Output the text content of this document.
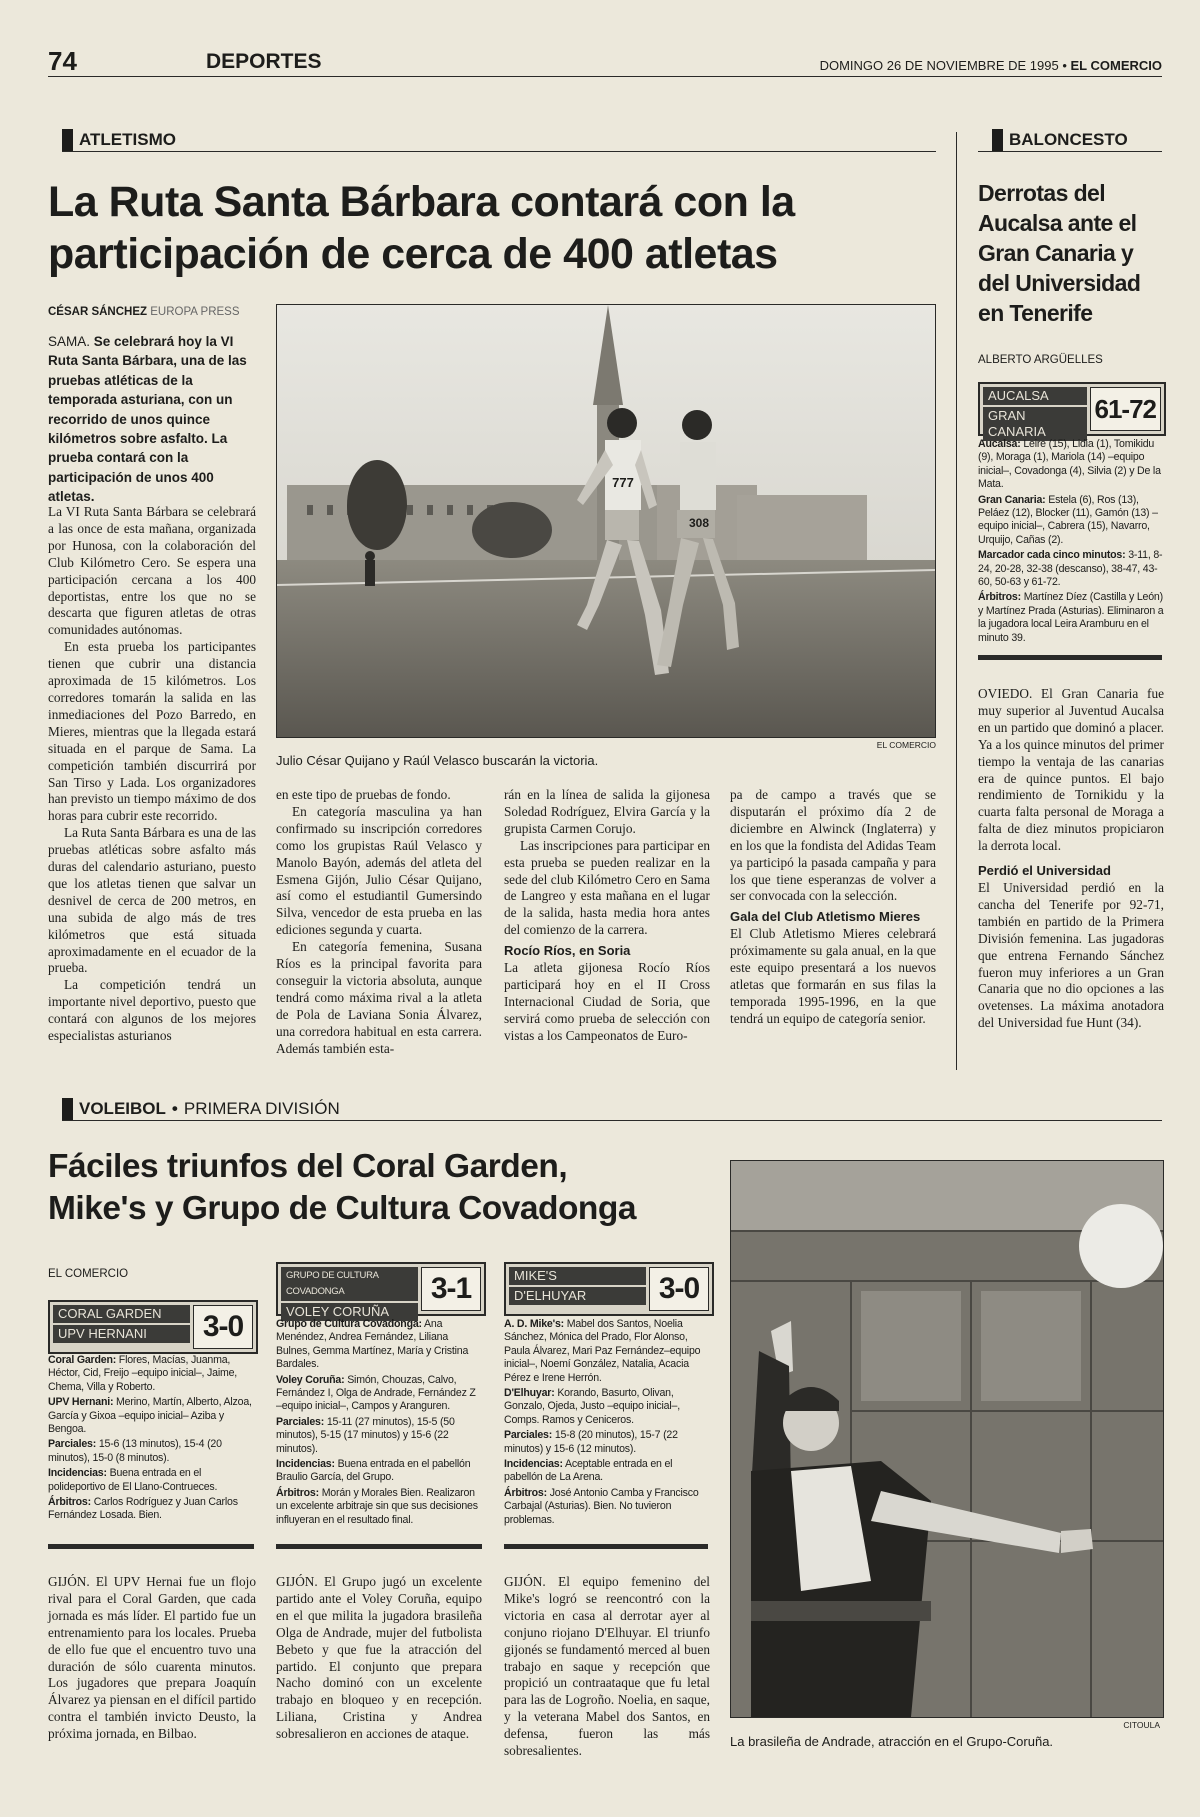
74	DEPORTES	DOMINGO 26 DE NOVIEMBRE DE 1995 • EL COMERCIO
ATLETISMO
La Ruta Santa Bárbara contará con la
participación de cerca de 400 atletas
CÉSAR SÁNCHEZ EUROPA PRESS
SAMA. Se celebrará hoy la VI Ruta Santa Bárbara, una de las pruebas atléticas de la temporada asturiana, con un recorrido de unos quince kilómetros sobre asfalto. La prueba contará con la participación de unos 400 atletas.

La VI Ruta Santa Bárbara se celebrará a las once de esta mañana, organizada por Hunosa, con la colaboración del Club Kilómetro Cero. Se espera una participación cercana a los 400 deportistas, entre los que no se descarta que figuren atletas de otras comunidades autónomas.

En esta prueba los participantes tienen que cubrir una distancia aproximada de 15 kilómetros. Los corredores tomarán la salida en las inmediaciones del Pozo Barredo, en Mieres, mientras que la llegada estará situada en el parque de Sama. La competición también discurrirá por San Tirso y Lada. Los organizadores han previsto un tiempo máximo de dos horas para cubrir este recorrido.

La Ruta Santa Bárbara es una de las pruebas atléticas sobre asfalto más duras del calendario asturiano, puesto que los atletas tienen que salvar un desnivel de cerca de 200 metros, en una subida de algo más de tres kilómetros que está situada aproximadamente en el ecuador de la prueba.

La competición tendrá un importante nivel deportivo, puesto que contará con algunos de los mejores especialistas asturianos

777
308
EL COMERCIO
Julio César Quijano y Raúl Velasco buscarán la victoria.

en este tipo de pruebas de fondo.

En categoría masculina ya han confirmado su inscripción corredores como los grupistas Raúl Velasco y Manolo Bayón, además del atleta del Esmena Gijón, Julio César Quijano, así como el estudiantil Gumersindo Silva, vencedor de esta prueba en las ediciones segunda y cuarta.

En categoría femenina, Susana Ríos es la principal favorita para conseguir la victoria absoluta, aunque tendrá como máxima rival a la atleta de Pola de Laviana Sonia Álvarez, una corredora habitual en esta carrera. Además también esta-

rán en la línea de salida la gijonesa Soledad Rodríguez, Elvira García y la grupista Carmen Corujo.

Las inscripciones para participar en esta prueba se pueden realizar en la sede del club Kilómetro Cero en Sama de Langreo y esta mañana en el lugar de la salida, hasta media hora antes del comienzo de la carrera.

Rocío Ríos, en Soria

La atleta gijonesa Rocío Ríos participará hoy en el II Cross Internacional Ciudad de Soria, que servirá como prueba de selección con vistas a los Campeonatos de Euro-

pa de campo a través que se disputarán el próximo día 2 de diciembre en Alwinck (Inglaterra) y en los que la fondista del Adidas Team ya participó la pasada campaña y para los que tiene esperanzas de volver a ser convocada con la selección.

Gala del Club Atletismo Mieres

El Club Atletismo Mieres celebrará próximamente su gala anual, en la que este equipo presentará a los nuevos atletas que formarán en sus filas la temporada 1995-1996, en la que tendrá un equipo de categoría senior.

BALONCESTO
Derrotas del Aucalsa ante el Gran Canaria y del Universidad en Tenerife
ALBERTO ARGÜELLES
AUCALSA
GRAN CANARIA
61-72

Aucalsa: Leire (15), Lidia (1), Tomikidu (9), Moraga (1), Mariola (14) –equipo inicial–, Covadonga (4), Silvia (2) y De la Mata.

Gran Canaria: Estela (6), Ros (13), Peláez (12), Blocker (11), Gamón (13) –equipo inicial–, Cabrera (15), Navarro, Urquijo, Cañas (2).

Marcador cada cinco minutos: 3-11, 8-24, 20-28, 32-38 (descanso), 38-47, 43-60, 50-63 y 61-72.

Árbitros: Martínez Díez (Castilla y León) y Martínez Prada (Asturias). Eliminaron a la jugadora local Leira Aramburu en el minuto 39.

OVIEDO. El Gran Canaria fue muy superior al Juventud Aucalsa en un partido que dominó a placer. Ya a los quince minutos del primer tiempo la ventaja de las canarias era de quince puntos. El bajo rendimiento de Tornikidu y la cuarta falta personal de Moraga a falta de diez minutos propiciaron la derrota local.

Perdió el Universidad

El Universidad perdió en la cancha del Tenerife por 92-71, también en partido de la Primera División femenina. Las jugadoras que entrena Fernando Sánchez fueron muy inferiores a un Gran Canaria que no dio opciones a las ovetenses. La máxima anotadora del Universidad fue Hunt (34).

VOLEIBOL • PRIMERA DIVISIÓN
Fáciles triunfos del Coral Garden,
Mike's y Grupo de Cultura Covadonga
EL COMERCIO
CORAL GARDEN
UPV HERNANI	3-0

Coral Garden: Flores, Macías, Juanma, Héctor, Cid, Freijo –equipo inicial–, Jaime, Chema, Villa y Roberto.

UPV Hernani: Merino, Martín, Alberto, Alzoa, García y Gixoa –equipo inicial– Aziba y Bengoa.

Parciales: 15-6 (13 minutos), 15-4 (20 minutos), 15-0 (8 minutos).

Incidencias: Buena entrada en el polideportivo de El Llano-Contrueces.

Árbitros: Carlos Rodríguez y Juan Carlos Fernández Losada. Bien.

GIJÓN. El UPV Hernai fue un flojo rival para el Coral Garden, que cada jornada es más líder. El partido fue un entrenamiento para los locales. Prueba de ello fue que el encuentro tuvo una duración de sólo cuarenta minutos. Los jugadores que prepara Joaquín Álvarez ya piensan en el difícil partido contra el también invicto Deusto, la próxima jornada, en Bilbao.

GRUPO DE CULTURA COVADONGA
VOLEY CORUÑA
3-1

Grupo de Cultura Covadonga: Ana Menéndez, Andrea Fernández, Liliana Bulnes, Gemma Martínez, María y Cristina Bardales.

Voley Coruña: Simón, Chouzas, Calvo, Fernández I, Olga de Andrade, Fernández Z –equipo inicial–, Campos y Aranguren.

Parciales: 15-11 (27 minutos), 15-5 (50 minutos), 5-15 (17 minutos) y 15-6 (22 minutos).

Incidencias: Buena entrada en el pabellón Braulio García, del Grupo.

Árbitros: Morán y Morales Bien. Realizaron un excelente arbitraje sin que sus decisiones influyeran en el resultado final.

GIJÓN. El Grupo jugó un excelente partido ante el Voley Coruña, equipo en el que milita la jugadora brasileña Olga de Andrade, mujer del futbolista Bebeto y que fue la atracción del partido. El conjunto que prepara Nacho dominó con un excelente trabajo en bloqueo y en recepción. Liliana, Cristina y Andrea sobresalieron en acciones de ataque.

MIKE'S
D'ELHUYAR	3-0

A. D. Mike's: Mabel dos Santos, Noelia Sánchez, Mónica del Prado, Flor Alonso, Paula Álvarez, Mari Paz Fernández–equipo inicial–, Noemí González, Natalia, Acacia Pérez e Irene Herrón.

D'Elhuyar: Korando, Basurto, Olivan, Gonzalo, Ojeda, Justo –equipo inicial–, Comps. Ramos y Ceniceros.

Parciales: 15-8 (20 minutos), 15-7 (22 minutos) y 15-6 (12 minutos).

Incidencias: Aceptable entrada en el pabellón de La Arena.

Árbitros: José Antonio Camba y Francisco Carbajal (Asturias). Bien. No tuvieron problemas.

GIJÓN. El equipo femenino del Mike's logró se reencontró con la victoria en casa al derrotar ayer al conjuno riojano D'Elhuyar. El triunfo gijonés se fundamentó merced al buen trabajo en saque y recepción que propició un contraataque que fu letal para las de Logroño. Noelia, en saque, y la veterana Mabel dos Santos, en defensa, fueron las más sobresalientes.

CITOULA
La brasileña de Andrade, atracción en el Grupo-Coruña.
